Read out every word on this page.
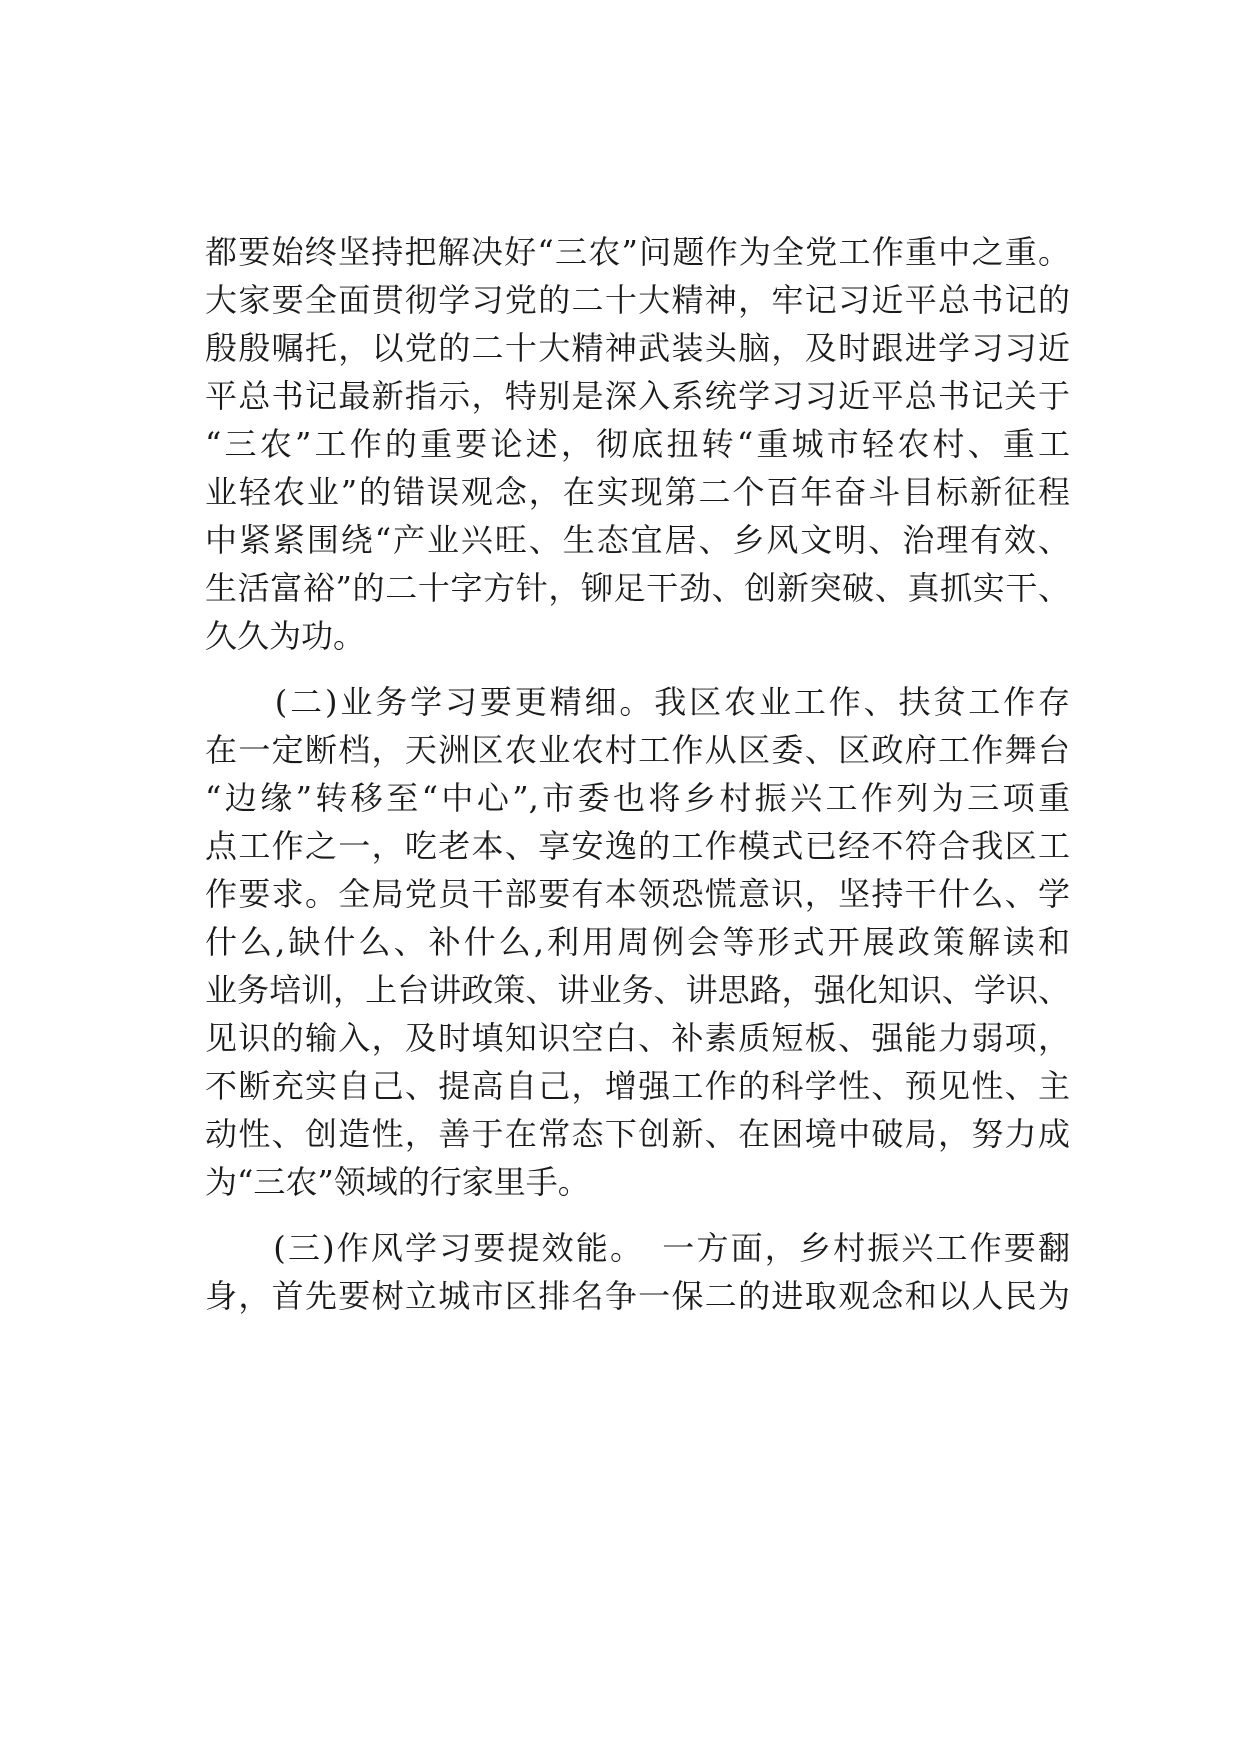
都要始终坚持把解决好“三农”问题作为全党工作重中之重。
大家要全面贯彻学习党的二十大精神，牢记习近平总书记的
殷殷嘱托，以党的二十大精神武装头脑，及时跟进学习习近
平总书记最新指示，特别是深入系统学习习近平总书记关于
“三农”工作的重要论述，彻底扭转“重城市轻农村、重工
业轻农业”的错误观念，在实现第二个百年奋斗目标新征程
中紧紧围绕“产业兴旺、生态宜居、乡风文明、治理有效、
生活富裕”的二十字方针，铆足干劲、创新突破、真抓实干、
久久为功。
　　(二)业务学习要更精细。我区农业工作、扶贫工作存
在一定断档，天洲区农业农村工作从区委、区政府工作舞台
“边缘”转移至“中心”,市委也将乡村振兴工作列为三项重
点工作之一，吃老本、享安逸的工作模式已经不符合我区工
作要求。全局党员干部要有本领恐慌意识，坚持干什么、学
什么,缺什么、补什么,利用周例会等形式开展政策解读和
业务培训，上台讲政策、讲业务、讲思路，强化知识、学识、
见识的输入，及时填知识空白、补素质短板、强能力弱项，
不断充实自己、提高自己，增强工作的科学性、预见性、主
动性、创造性，善于在常态下创新、在困境中破局，努力成
为“三农”领域的行家里手。
　　(三)作风学习要提效能。　一方面，乡村振兴工作要翻
身，首先要树立城市区排名争一保二的进取观念和以人民为
